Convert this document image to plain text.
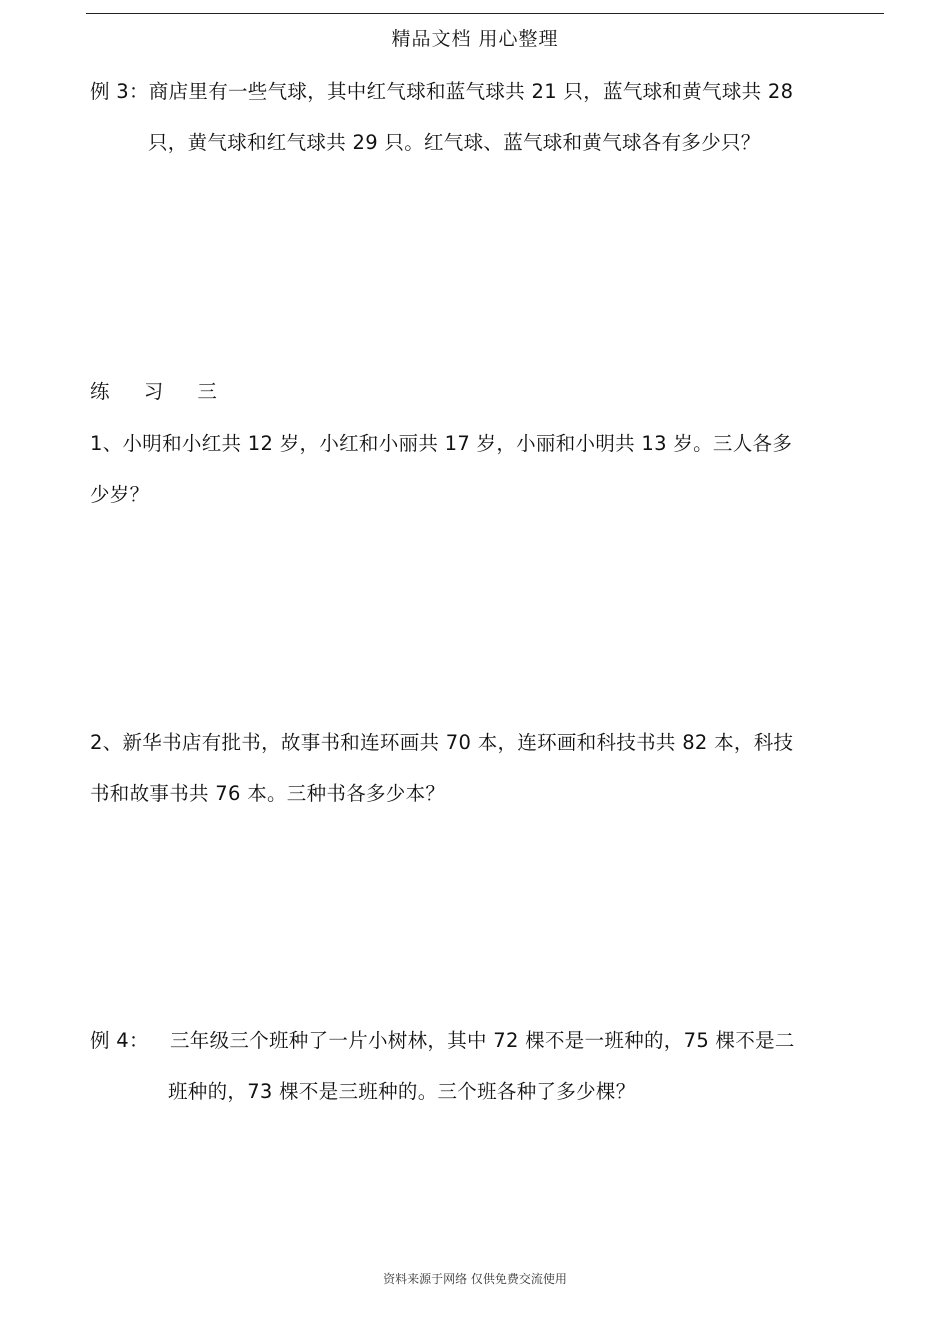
精品文档 用心整理
例 3：商店里有一些气球，其中红气球和蓝气球共 21 只，蓝气球和黄气球共 28
只，黄气球和红气球共 29 只。红气球、蓝气球和黄气球各有多少只？
练 习 三
1、小明和小红共 12 岁，小红和小丽共 17 岁，小丽和小明共 13 岁。三人各多
少岁？
2、新华书店有批书，故事书和连环画共 70 本，连环画和科技书共 82 本，科技
书和故事书共 76 本。三种书各多少本？
例 4： 三年级三个班种了一片小树林，其中 72 棵不是一班种的，75 棵不是二
班种的，73 棵不是三班种的。三个班各种了多少棵？
资料来源于网络 仅供免费交流使用
